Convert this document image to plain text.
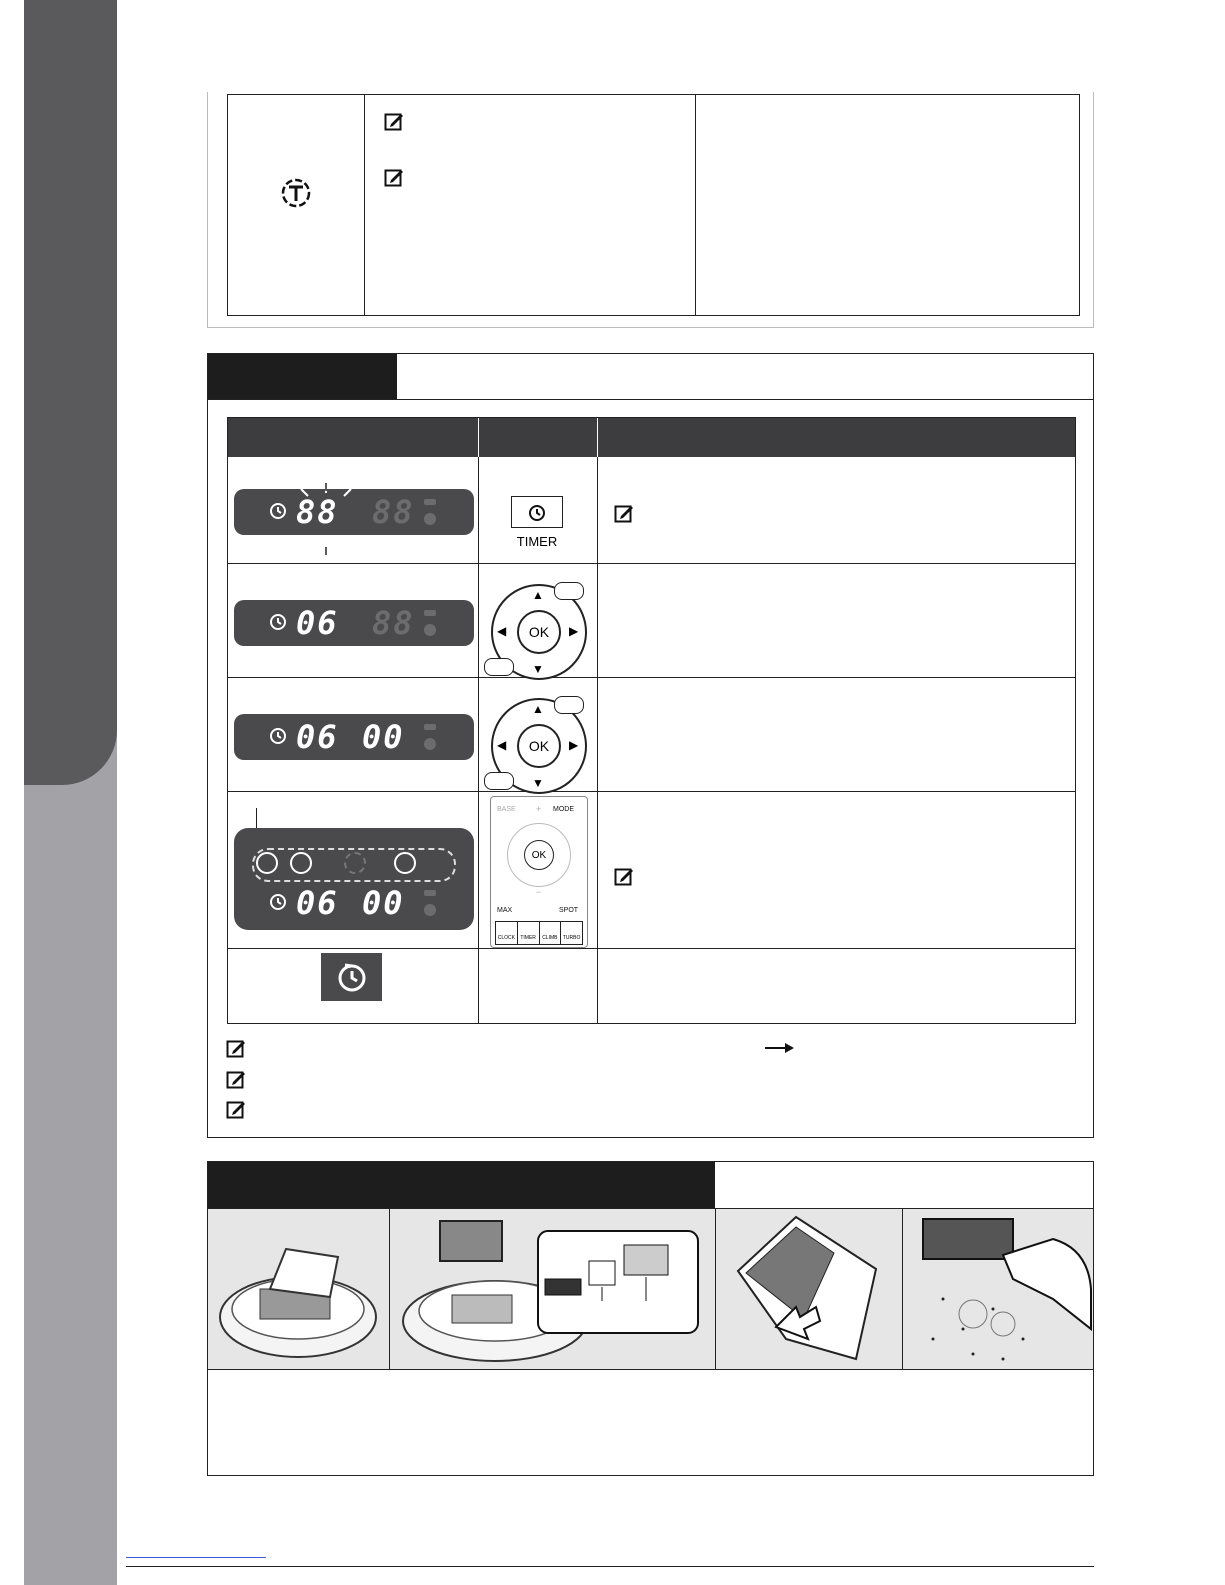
88 88
TIMER
06 88	OK
▲
▼
◀	▶
06 00	OK
▲
▼
◀	▶
06 00
BASE + MODE
OK
−
MAX	SPOT
CLOCK	TIMER	CLIMB	TURBO
